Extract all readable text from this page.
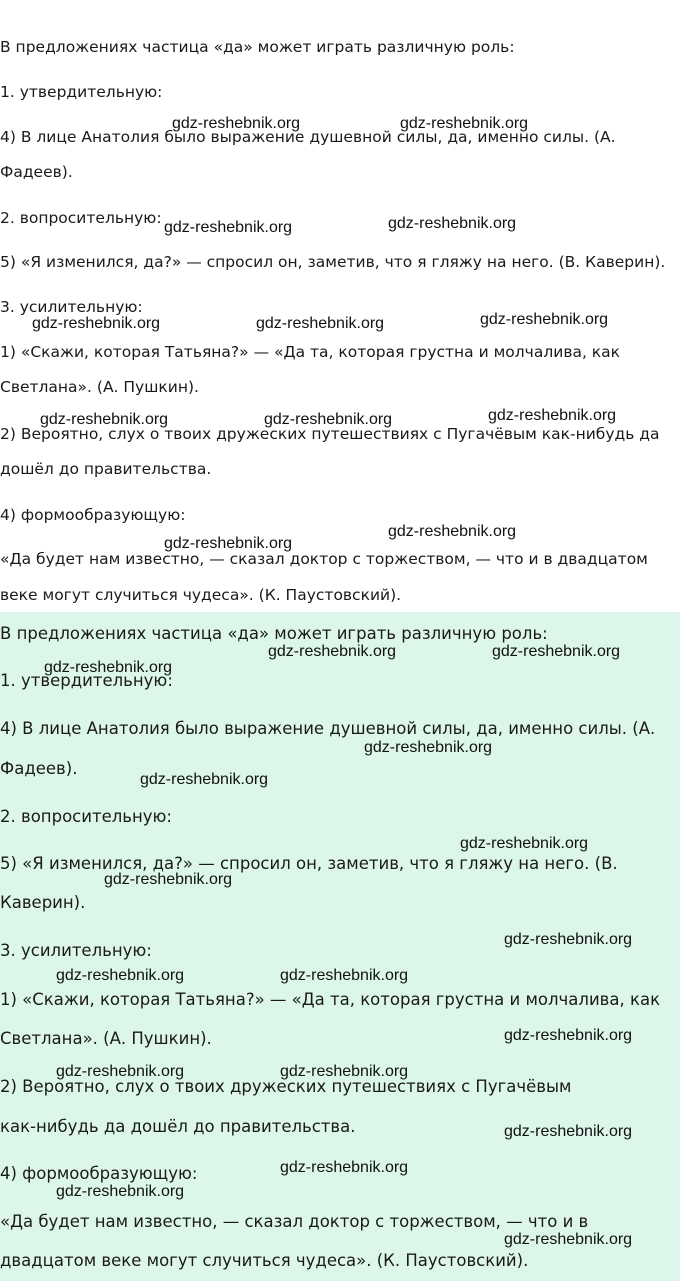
В предложениях частица «да» может играть различную роль:

1. утвердительную:

4) В лице Анатолия было выражение душевной силы, да, именно силы. (А.

Фадеев).

2. вопросительную:

5) «Я изменился, да?» — спросил он, заметив, что я гляжу на него. (В. Каверин).

3. усилительную:

1) «Скажи, которая Татьяна?» — «Да та, которая грустна и молчалива, как

Светлана». (А. Пушкин).

2) Вероятно, слух о твоих дружеских путешествиях с Пугачёвым как-нибудь да

дошёл до правительства.

4) формообразующую:

«Да будет нам известно, — сказал доктор с торжеством, — что и в двадцатом

веке могут случиться чудеса». (К. Паустовский).

gdz-reshebnik.org	gdz-reshebnik.org
gdz-reshebnik.org	gdz-reshebnik.org
gdz-reshebnik.org	gdz-reshebnik.org	gdz-reshebnik.org
gdz-reshebnik.org	gdz-reshebnik.org	gdz-reshebnik.org
gdz-reshebnik.org
gdz-reshebnik.org

В предложениях частица «да» может играть различную роль:

1. утвердительную:

4) В лице Анатолия было выражение душевной силы, да, именно силы. (А.

Фадеев).

2. вопросительную:

5) «Я изменился, да?» — спросил он, заметив, что я гляжу на него. (В.

Каверин).

3. усилительную:

1) «Скажи, которая Татьяна?» — «Да та, которая грустна и молчалива, как

Светлана». (А. Пушкин).

2) Вероятно, слух о твоих дружеских путешествиях с Пугачёвым

как-нибудь да дошёл до правительства.

4) формообразующую:

«Да будет нам известно, — сказал доктор с торжеством, — что и в

двадцатом веке могут случиться чудеса». (К. Паустовский).

gdz-reshebnik.org	gdz-reshebnik.org
gdz-reshebnik.org
gdz-reshebnik.org
gdz-reshebnik.org
gdz-reshebnik.org
gdz-reshebnik.org
gdz-reshebnik.org
gdz-reshebnik.org	gdz-reshebnik.org
gdz-reshebnik.org
gdz-reshebnik.org	gdz-reshebnik.org
gdz-reshebnik.org
gdz-reshebnik.org
gdz-reshebnik.org
gdz-reshebnik.org
